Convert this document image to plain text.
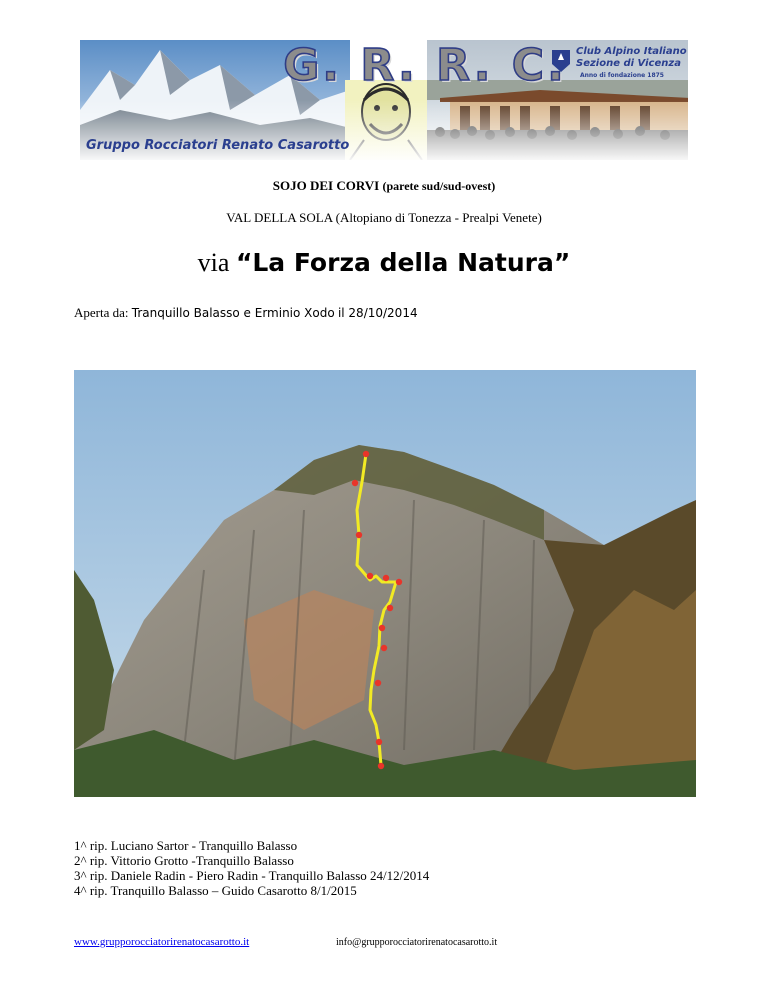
G. R. R. C.
Gruppo Rocciatori Renato Casarotto
Club Alpino Italiano
Sezione di Vicenza
Anno di fondazione 1875
SOJO DEI CORVI (parete sud/sud-ovest)
VAL DELLA SOLA (Altopiano di Tonezza - Prealpi Venete)
via “La Forza della Natura”
Aperta da: Tranquillo Balasso e Erminio Xodo il 28/10/2014
1^ rip. Luciano Sartor - Tranquillo Balasso
2^ rip. Vittorio Grotto -Tranquillo Balasso
3^ rip. Daniele Radin - Piero Radin - Tranquillo Balasso 24/12/2014
4^ rip. Tranquillo Balasso – Guido Casarotto 8/1/2015
www.grupporocciatorirenatocasarotto.it	info@grupporocciatorirenatocasarotto.it
